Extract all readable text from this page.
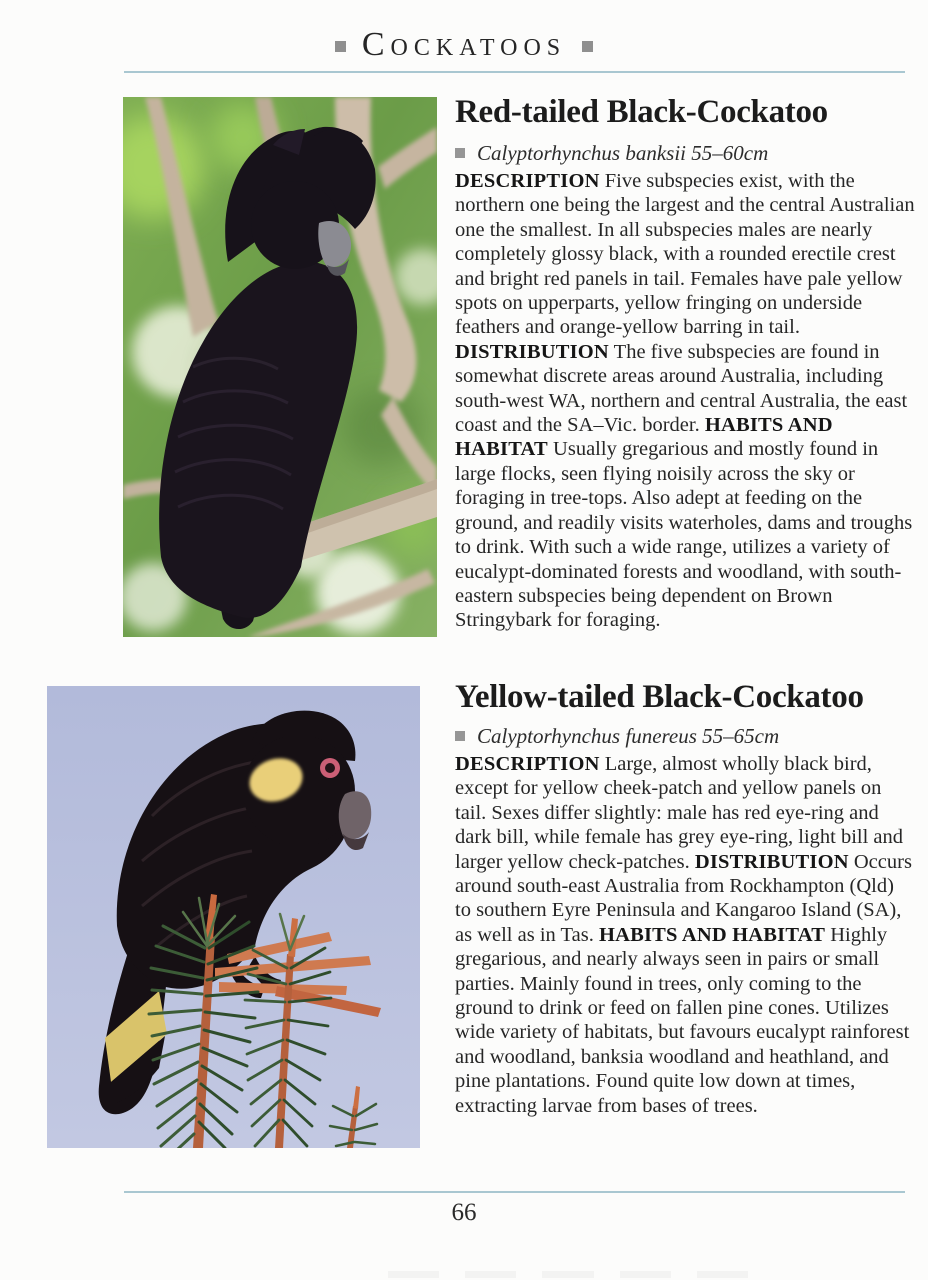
Cockatoos
Red-tailed Black-Cockatoo
Calyptorhynchus banksii 55–60cm
DESCRIPTION Five subspecies exist, with the northern one being the largest and the central Australian one the smallest. In all subspecies males are nearly completely glossy black, with a rounded erectile crest and bright red panels in tail. Females have pale yellow spots on upperparts, yellow fringing on underside feathers and orange-yellow barring in tail. DISTRIBUTION The five subspecies are found in somewhat discrete areas around Australia, including south-west WA, northern and central Australia, the east coast and the SA–Vic. border. HABITS AND HABITAT Usually gregarious and mostly found in large flocks, seen flying noisily across the sky or foraging in tree-tops. Also adept at feeding on the ground, and readily visits waterholes, dams and troughs to drink. With such a wide range, utilizes a variety of eucalypt-dominated forests and woodland, with south-eastern subspecies being dependent on Brown Stringybark for foraging.
Yellow-tailed Black-Cockatoo
Calyptorhynchus funereus 55–65cm
DESCRIPTION Large, almost wholly black bird, except for yellow cheek-patch and yellow panels on tail. Sexes differ slightly: male has red eye-ring and dark bill, while female has grey eye-ring, light bill and larger yellow check-patches. DISTRIBUTION Occurs around south-east Australia from Rockhampton (Qld) to southern Eyre Peninsula and Kangaroo Island (SA), as well as in Tas. HABITS AND HABITAT Highly gregarious, and nearly always seen in pairs or small parties. Mainly found in trees, only coming to the ground to drink or feed on fallen pine cones. Utilizes wide variety of habitats, but favours eucalypt rainforest and woodland, banksia woodland and heathland, and pine plantations. Found quite low down at times, extracting larvae from bases of trees.
66
